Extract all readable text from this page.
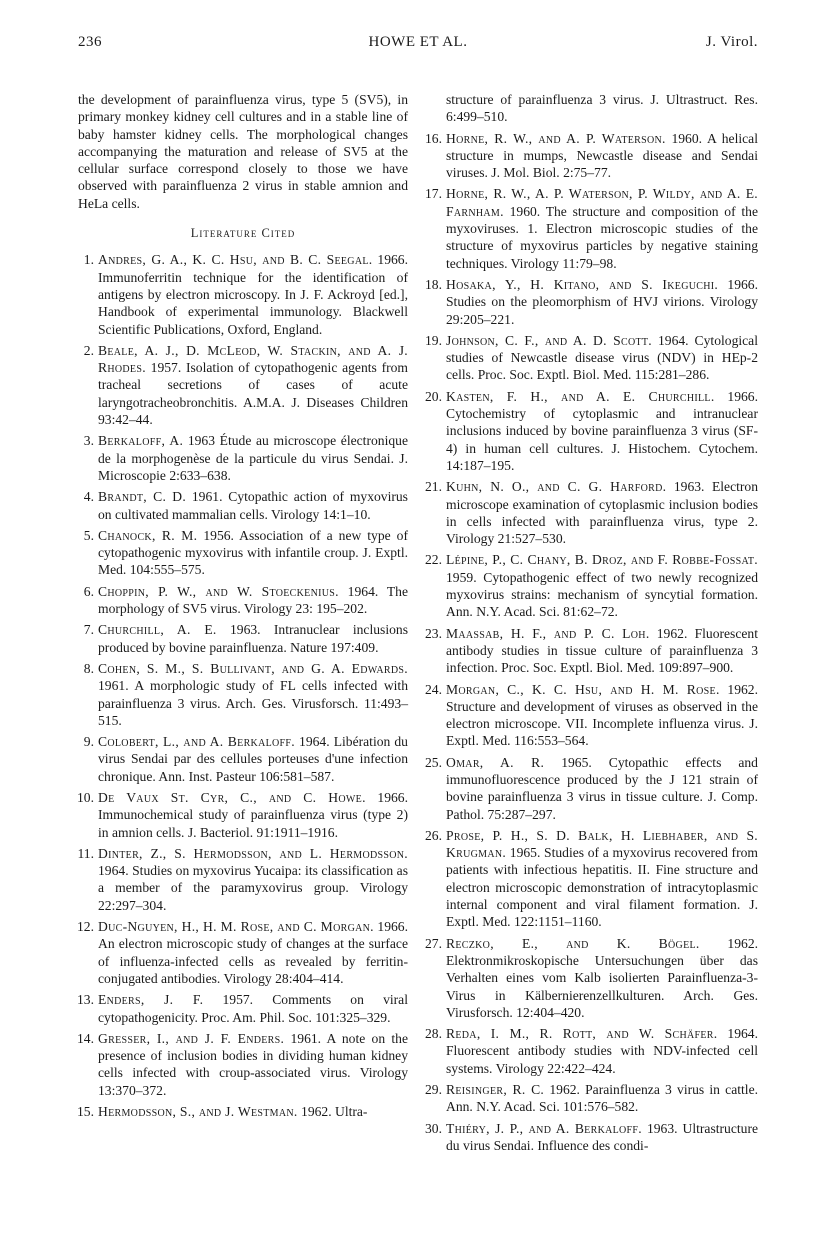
236	HOWE ET AL.	J. Virol.

the development of parainfluenza virus, type 5 (SV5), in primary monkey kidney cell cultures and in a stable line of baby hamster kidney cells. The morphological changes accompanying the maturation and release of SV5 at the cellular surface correspond closely to those we have observed with parainfluenza 2 virus in stable amnion and HeLa cells.

Literature Cited
1 . Andres, G. A., K. C. Hsu, and B. C. Seegal. 1966. Immunoferritin technique for the identification of antigens by electron microscopy. In J. F. Ackroyd [ed.], Handbook of experimental immunology. Blackwell Scientific Publications, Oxford, England.
2 . Beale, A. J., D. McLeod, W. Stackin, and A. J. Rhodes. 1957. Isolation of cytopathogenic agents from tracheal secretions of cases of acute laryngotracheobronchitis. A.M.A. J. Diseases Children 93:42–44.
3 . Berkaloff, A. 1963 Étude au microscope électronique de la morphogenèse de la particule du virus Sendai. J. Microscopie 2:633–638.
4 . Brandt, C. D. 1961. Cytopathic action of myxovirus on cultivated mammalian cells. Virology 14:1–10.
5 . Chanock, R. M. 1956. Association of a new type of cytopathogenic myxovirus with infantile croup. J. Exptl. Med. 104:555–575.
6 . Choppin, P. W., and W. Stoeckenius. 1964. The morphology of SV5 virus. Virology 23: 195–202.
7 . Churchill, A. E. 1963. Intranuclear inclusions produced by bovine parainfluenza. Nature 197:409.
8 . Cohen, S. M., S. Bullivant, and G. A. Edwards. 1961. A morphologic study of FL cells infected with parainfluenza 3 virus. Arch. Ges. Virusforsch. 11:493–515.
9 . Colobert, L., and A. Berkaloff. 1964. Libération du virus Sendai par des cellules porteuses d'une infection chronique. Ann. Inst. Pasteur 106:581–587.
10 . De Vaux St. Cyr, C., and C. Howe. 1966. Immunochemical study of parainfluenza virus (type 2) in amnion cells. J. Bacteriol. 91:1911–1916.
11 . Dinter, Z., S. Hermodsson, and L. Hermodsson. 1964. Studies on myxovirus Yucaipa: its classification as a member of the paramyxovirus group. Virology 22:297–304.
12 . Duc-Nguyen, H., H. M. Rose, and C. Morgan. 1966. An electron microscopic study of changes at the surface of influenza-infected cells as revealed by ferritin-conjugated antibodies. Virology 28:404–414.
13 . Enders, J. F. 1957. Comments on viral cytopathogenicity. Proc. Am. Phil. Soc. 101:325–329.
14 . Gresser, I., and J. F. Enders. 1961. A note on the presence of inclusion bodies in dividing human kidney cells infected with croup-associated virus. Virology 13:370–372.
15 . Hermodsson, S., and J. Westman. 1962. Ultra-

structure of parainfluenza 3 virus. J. Ultrastruct. Res. 6:499–510.

16 . Horne, R. W., and A. P. Waterson. 1960. A helical structure in mumps, Newcastle disease and Sendai viruses. J. Mol. Biol. 2:75–77.
17 . Horne, R. W., A. P. Waterson, P. Wildy, and A. E. Farnham. 1960. The structure and composition of the myxoviruses. 1. Electron microscopic studies of the structure of myxovirus particles by negative staining techniques. Virology 11:79–98.
18 . Hosaka, Y., H. Kitano, and S. Ikeguchi. 1966. Studies on the pleomorphism of HVJ virions. Virology 29:205–221.
19 . Johnson, C. F., and A. D. Scott. 1964. Cytological studies of Newcastle disease virus (NDV) in HEp-2 cells. Proc. Soc. Exptl. Biol. Med. 115:281–286.
20 . Kasten, F. H., and A. E. Churchill. 1966. Cytochemistry of cytoplasmic and intranuclear inclusions induced by bovine parainfluenza 3 virus (SF-4) in human cell cultures. J. Histochem. Cytochem. 14:187–195.
21 . Kuhn, N. O., and C. G. Harford. 1963. Electron microscope examination of cytoplasmic inclusion bodies in cells infected with parainfluenza virus, type 2. Virology 21:527–530.
22 . Lépine, P., C. Chany, B. Droz, and F. Robbe-Fossat. 1959. Cytopathogenic effect of two newly recognized myxovirus strains: mechanism of syncytial formation. Ann. N.Y. Acad. Sci. 81:62–72.
23 . Maassab, H. F., and P. C. Loh. 1962. Fluorescent antibody studies in tissue culture of parainfluenza 3 infection. Proc. Soc. Exptl. Biol. Med. 109:897–900.
24 . Morgan, C., K. C. Hsu, and H. M. Rose. 1962. Structure and development of viruses as observed in the electron microscope. VII. Incomplete influenza virus. J. Exptl. Med. 116:553–564.
25 . Omar, A. R. 1965. Cytopathic effects and immunofluorescence produced by the J 121 strain of bovine parainfluenza 3 virus in tissue culture. J. Comp. Pathol. 75:287–297.
26 . Prose, P. H., S. D. Balk, H. Liebhaber, and S. Krugman. 1965. Studies of a myxovirus recovered from patients with infectious hepatitis. II. Fine structure and electron microscopic demonstration of intracytoplasmic internal component and viral filament formation. J. Exptl. Med. 122:1151–1160.
27 . Reczko, E., and K. Bögel. 1962. Elektronmikroskopische Untersuchungen über das Verhalten eines vom Kalb isolierten Parainfluenza-3-Virus in Kälbernierenzellkulturen. Arch. Ges. Virusforsch. 12:404–420.
28 . Reda, I. M., R. Rott, and W. Schäfer. 1964. Fluorescent antibody studies with NDV-infected cell systems. Virology 22:422–424.
29 . Reisinger, R. C. 1962. Parainfluenza 3 virus in cattle. Ann. N.Y. Acad. Sci. 101:576–582.
30 . Thiéry, J. P., and A. Berkaloff. 1963. Ultrastructure du virus Sendai. Influence des condi-
